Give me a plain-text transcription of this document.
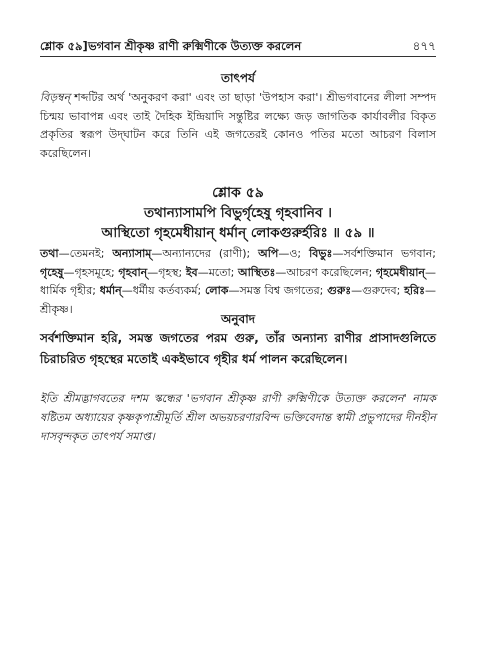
শ্লোক ৫৯] ভগবান শ্রীকৃষ্ণ রাণী রুক্মিণীকে উত্যক্ত করলেন	৪৭৭
তাৎপর্য
বিড়ম্বন্‌ শব্দটির অর্থ 'অনুকরণ করা' এবং তা ছাড়া 'উপহাস করা'। শ্রীভগবানের লীলা সম্পদ চিন্ময় ভাবাপন্ন এবং তাই দৈহিক ইন্দ্রিয়াদি সন্তুষ্টির লক্ষ্যে জড় জাগতিক কার্যাবলীর বিকৃত প্রকৃতির স্বরূপ উদ্‌ঘাটন করে তিনি এই জগতেরই কোনও পতির মতো আচরণ বিলাস করেছিলেন।
শ্লোক ৫৯
তথান্যাসামপি বিভুর্গৃহেষু গৃহবানিব ।
আস্থিতো গৃহমেধীয়ান্‌ ধর্মান্‌ লোকগুরুর্হরিঃ ॥ ৫৯ ॥
তথা—তেমনই; অন্যাসাম্‌—অন্যান্যদের (রাণী); অপি—ও; বিভুঃ—সর্বশক্তিমান ভগবান; গৃহেষু—গৃহসমূহে; গৃহবান্‌—গৃহস্থ; ইব—মতো; আস্থিতঃ—আচরণ করেছিলেন; গৃহমেধীয়ান্‌—ধার্মিক গৃহীর; ধর্মান্‌—ধর্মীয় কর্তব্যকর্ম; লোক—সমস্ত বিশ্ব জগতের; গুরুঃ—গুরুদেব; হরিঃ—শ্রীকৃষ্ণ।
অনুবাদ
সর্বশক্তিমান হরি, সমস্ত জগতের পরম গুরু, তাঁর অন্যান্য রাণীর প্রাসাদগুলিতে চিরাচরিত গৃহস্থের মতোই একইভাবে গৃহীর ধর্ম পালন করেছিলেন।
ইতি শ্রীমদ্ভাগবতের দশম স্কন্ধের 'ভগবান শ্রীকৃষ্ণ রাণী রুক্মিণীকে উত্যক্ত করলেন' নামক ষষ্টিতম অধ্যায়ের কৃষ্ণকৃপাশ্রীমূর্তি শ্রীল অভয়চরণারবিন্দ ভক্তিবেদান্ত স্বামী প্রভুপাদের দীনহীন দাসবৃন্দকৃত তাৎপর্য সমাপ্ত।
